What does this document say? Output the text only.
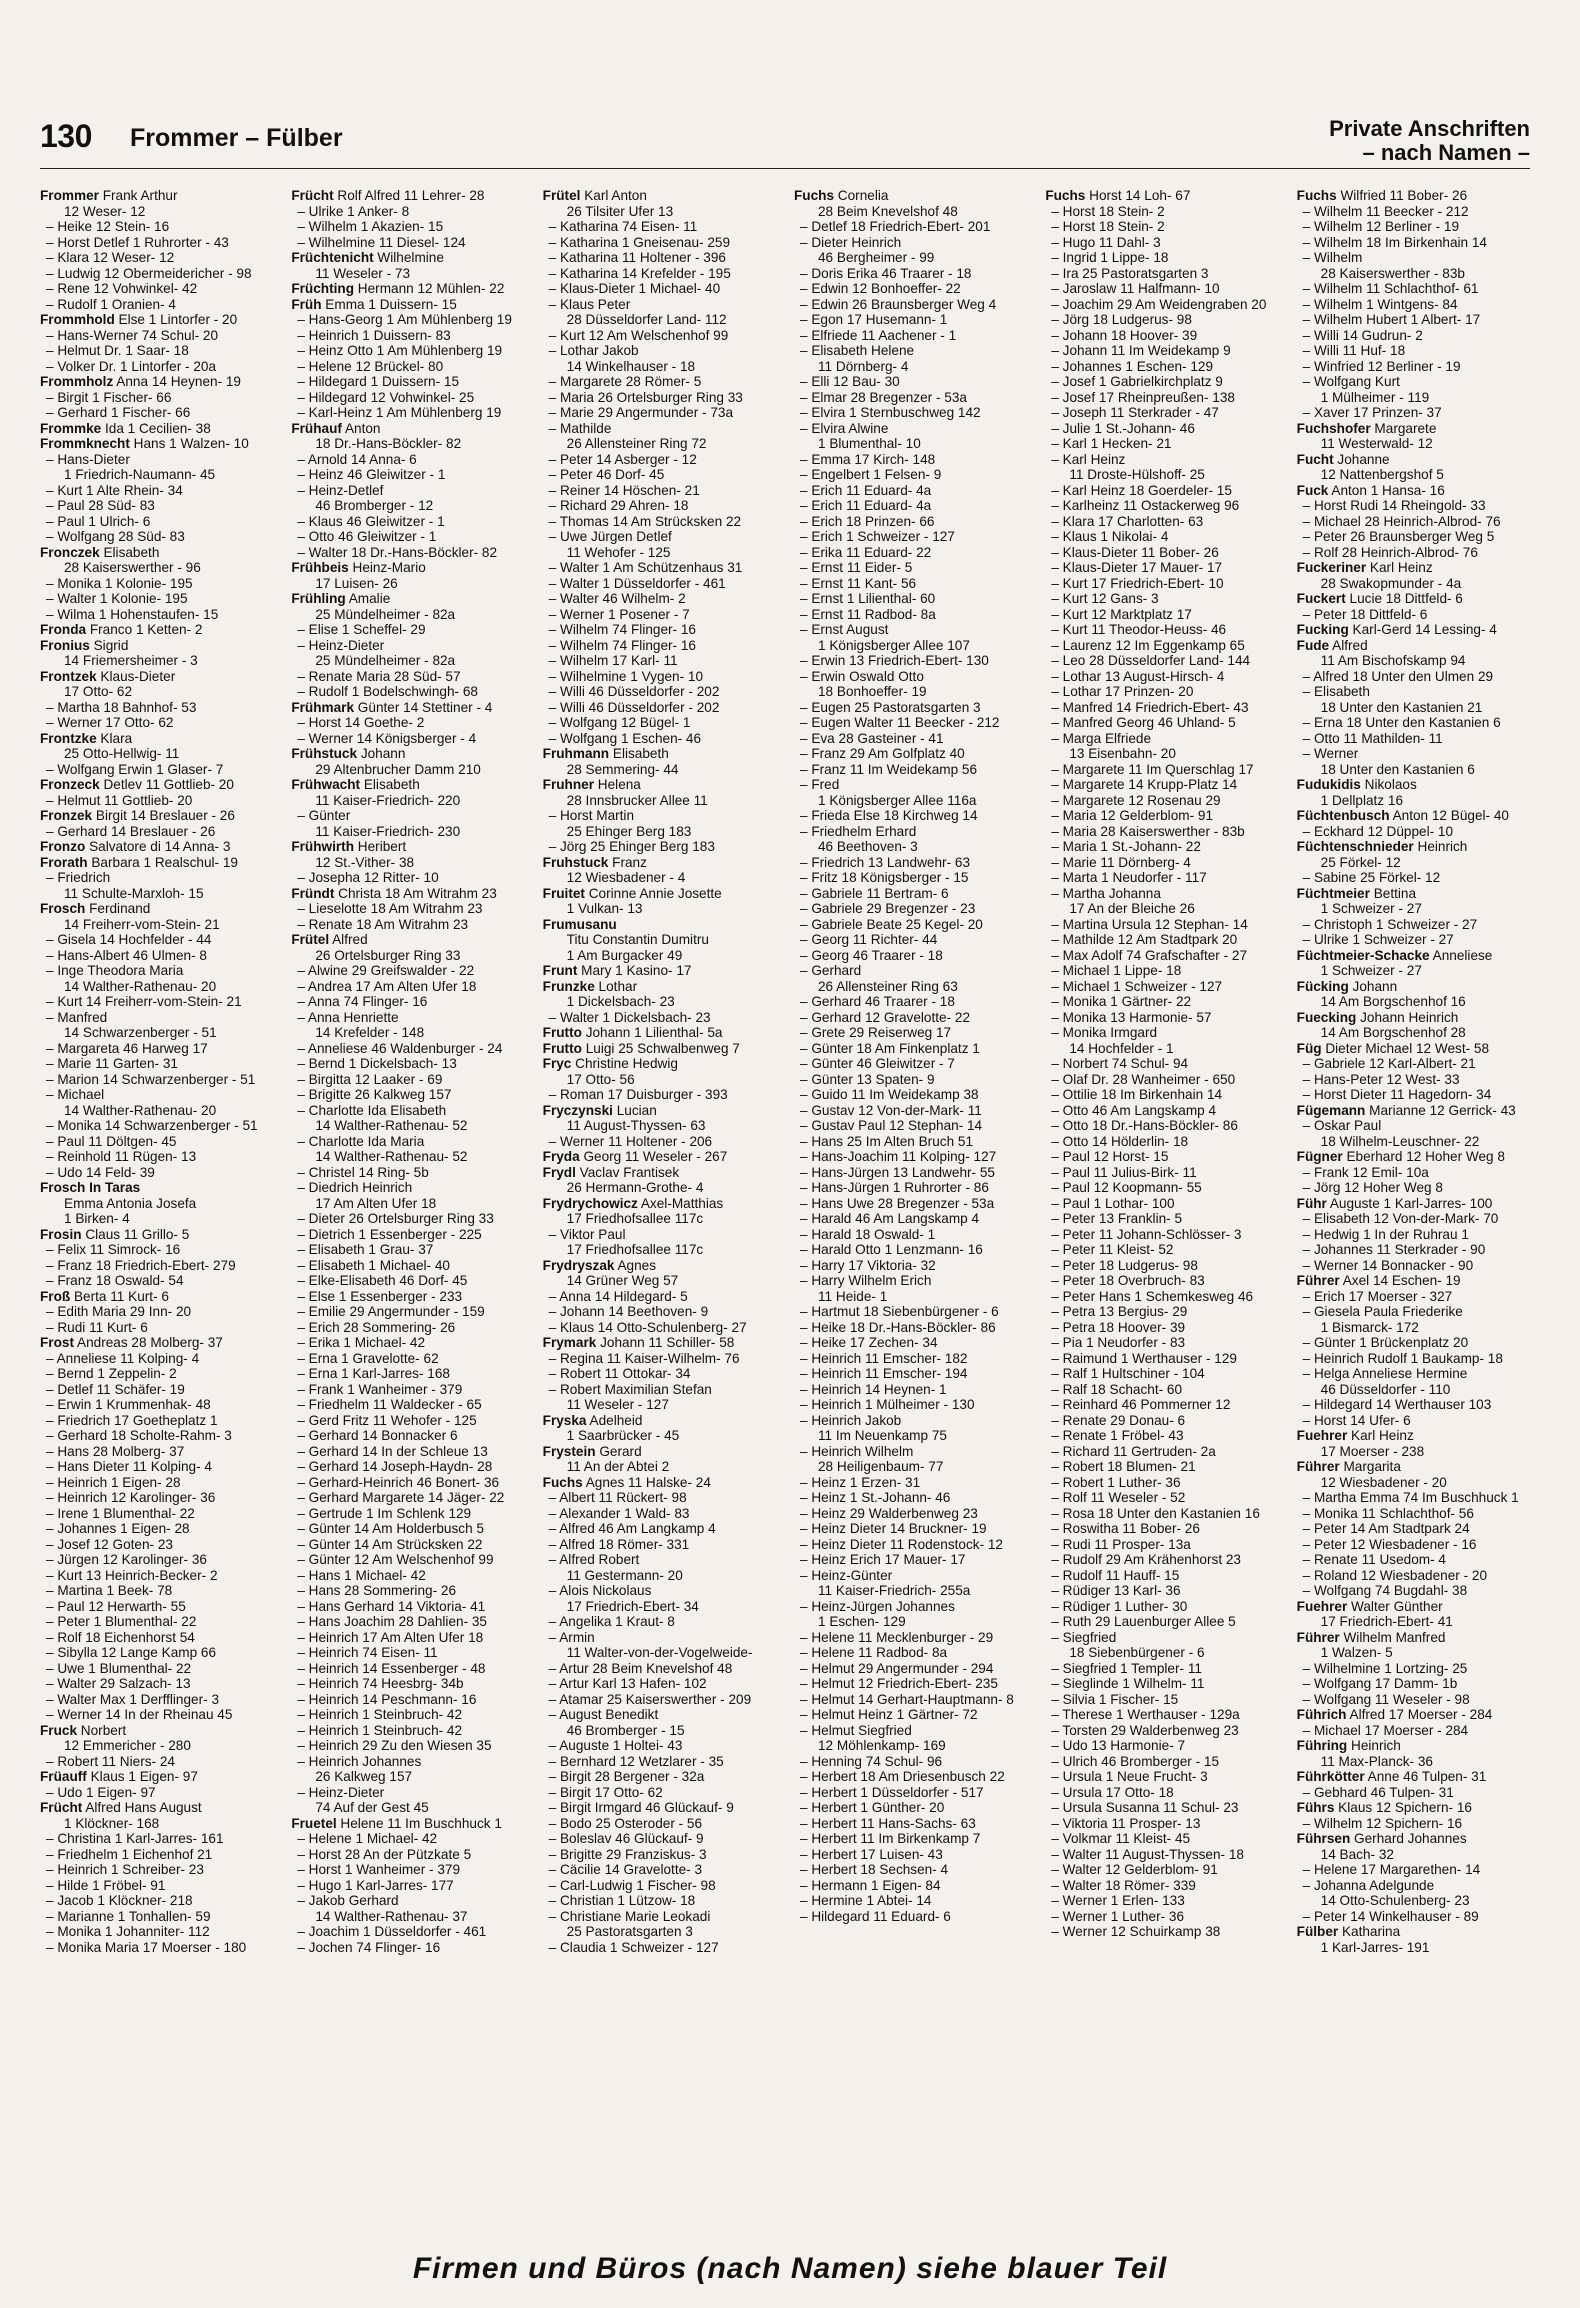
130 Frommer – Fülber	Private Anschriften
– nach Namen –
Frommer Frank Arthur
12 Weser- 12
– Heike 12 Stein- 16
– Horst Detlef 1 Ruhrorter - 43
– Klara 12 Weser- 12
– Ludwig 12 Obermeidericher - 98
– Rene 12 Vohwinkel- 42
– Rudolf 1 Oranien- 4
Frommhold Else 1 Lintorfer - 20
– Hans-Werner 74 Schul- 20
– Helmut Dr. 1 Saar- 18
– Volker Dr. 1 Lintorfer - 20a
Frommholz Anna 14 Heynen- 19
– Birgit 1 Fischer- 66
– Gerhard 1 Fischer- 66
Frommke Ida 1 Cecilien- 38
Frommknecht Hans 1 Walzen- 10
– Hans-Dieter
1 Friedrich-Naumann- 45
– Kurt 1 Alte Rhein- 34
– Paul 28 Süd- 83
– Paul 1 Ulrich- 6
– Wolfgang 28 Süd- 83
Fronczek Elisabeth
28 Kaiserswerther - 96
– Monika 1 Kolonie- 195
– Walter 1 Kolonie- 195
– Wilma 1 Hohenstaufen- 15
Fronda Franco 1 Ketten- 2
Fronius Sigrid
14 Friemersheimer - 3
Frontzek Klaus-Dieter
17 Otto- 62
– Martha 18 Bahnhof- 53
– Werner 17 Otto- 62
Frontzke Klara
25 Otto-Hellwig- 11
– Wolfgang Erwin 1 Glaser- 7
Fronzeck Detlev 11 Gottlieb- 20
– Helmut 11 Gottlieb- 20
Fronzek Birgit 14 Breslauer - 26
– Gerhard 14 Breslauer - 26
Fronzo Salvatore di 14 Anna- 3
Frorath Barbara 1 Realschul- 19
– Friedrich
11 Schulte-Marxloh- 15
Frosch Ferdinand
14 Freiherr-vom-Stein- 21
– Gisela 14 Hochfelder - 44
– Hans-Albert 46 Ulmen- 8
– Inge Theodora Maria
14 Walther-Rathenau- 20
– Kurt 14 Freiherr-vom-Stein- 21
– Manfred
14 Schwarzenberger - 51
– Margareta 46 Harweg 17
– Marie 11 Garten- 31
– Marion 14 Schwarzenberger - 51
– Michael
14 Walther-Rathenau- 20
– Monika 14 Schwarzenberger - 51
– Paul 11 Döltgen- 45
– Reinhold 11 Rügen- 13
– Udo 14 Feld- 39
Frosch In Taras
Emma Antonia Josefa
1 Birken- 4
Frosin Claus 11 Grillo- 5
– Felix 11 Simrock- 16
– Franz 18 Friedrich-Ebert- 279
– Franz 18 Oswald- 54
Froß Berta 11 Kurt- 6
– Edith Maria 29 Inn- 20
– Rudi 11 Kurt- 6
Frost Andreas 28 Molberg- 37
– Anneliese 11 Kolping- 4
– Bernd 1 Zeppelin- 2
– Detlef 11 Schäfer- 19
– Erwin 1 Krummenhak- 48
– Friedrich 17 Goetheplatz 1
– Gerhard 18 Scholte-Rahm- 3
– Hans 28 Molberg- 37
– Hans Dieter 11 Kolping- 4
– Heinrich 1 Eigen- 28
– Heinrich 12 Karolinger- 36
– Irene 1 Blumenthal- 22
– Johannes 1 Eigen- 28
– Josef 12 Goten- 23
– Jürgen 12 Karolinger- 36
– Kurt 13 Heinrich-Becker- 2
– Martina 1 Beek- 78
– Paul 12 Herwarth- 55
– Peter 1 Blumenthal- 22
– Rolf 18 Eichenhorst 54
– Sibylla 12 Lange Kamp 66
– Uwe 1 Blumenthal- 22
– Walter 29 Salzach- 13
– Walter Max 1 Derfflinger- 3
– Werner 14 In der Rheinau 45
Fruck Norbert
12 Emmericher - 280
– Robert 11 Niers- 24
Früauff Klaus 1 Eigen- 97
– Udo 1 Eigen- 97
Frücht Alfred Hans August
1 Klöckner- 168
– Christina 1 Karl-Jarres- 161
– Friedhelm 1 Eichenhof 21
– Heinrich 1 Schreiber- 23
– Hilde 1 Fröbel- 91
– Jacob 1 Klöckner- 218
– Marianne 1 Tonhallen- 59
– Monika 1 Johanniter- 112
– Monika Maria 17 Moerser - 180
Frücht Rolf Alfred 11 Lehrer- 28
– Ulrike 1 Anker- 8
– Wilhelm 1 Akazien- 15
– Wilhelmine 11 Diesel- 124
Früchtenicht Wilhelmine
11 Weseler - 73
Früchting Hermann 12 Mühlen- 22
Früh Emma 1 Duissern- 15
– Hans-Georg 1 Am Mühlenberg 19
– Heinrich 1 Duissern- 83
– Heinz Otto 1 Am Mühlenberg 19
– Helene 12 Brückel- 80
– Hildegard 1 Duissern- 15
– Hildegard 12 Vohwinkel- 25
– Karl-Heinz 1 Am Mühlenberg 19
Frühauf Anton
18 Dr.-Hans-Böckler- 82
– Arnold 14 Anna- 6
– Heinz 46 Gleiwitzer - 1
– Heinz-Detlef
46 Bromberger - 12
– Klaus 46 Gleiwitzer - 1
– Otto 46 Gleiwitzer - 1
– Walter 18 Dr.-Hans-Böckler- 82
Frühbeis Heinz-Mario
17 Luisen- 26
Frühling Amalie
25 Mündelheimer - 82a
– Elise 1 Scheffel- 29
– Heinz-Dieter
25 Mündelheimer - 82a
– Renate Maria 28 Süd- 57
– Rudolf 1 Bodelschwingh- 68
Frühmark Günter 14 Stettiner - 4
– Horst 14 Goethe- 2
– Werner 14 Königsberger - 4
Frühstuck Johann
29 Altenbrucher Damm 210
Frühwacht Elisabeth
11 Kaiser-Friedrich- 220
– Günter
11 Kaiser-Friedrich- 230
Frühwirth Heribert
12 St.-Vither- 38
– Josepha 12 Ritter- 10
Fründt Christa 18 Am Witrahm 23
– Lieselotte 18 Am Witrahm 23
– Renate 18 Am Witrahm 23
Frütel Alfred
26 Ortelsburger Ring 33
– Alwine 29 Greifswalder - 22
– Andrea 17 Am Alten Ufer 18
– Anna 74 Flinger- 16
– Anna Henriette
14 Krefelder - 148
– Anneliese 46 Waldenburger - 24
– Bernd 1 Dickelsbach- 13
– Birgitta 12 Laaker - 69
– Brigitte 26 Kalkweg 157
– Charlotte Ida Elisabeth
14 Walther-Rathenau- 52
– Charlotte Ida Maria
14 Walther-Rathenau- 52
– Christel 14 Ring- 5b
– Diedrich Heinrich
17 Am Alten Ufer 18
– Dieter 26 Ortelsburger Ring 33
– Dietrich 1 Essenberger - 225
– Elisabeth 1 Grau- 37
– Elisabeth 1 Michael- 40
– Elke-Elisabeth 46 Dorf- 45
– Else 1 Essenberger - 233
– Emilie 29 Angermunder - 159
– Erich 28 Sommering- 26
– Erika 1 Michael- 42
– Erna 1 Gravelotte- 62
– Erna 1 Karl-Jarres- 168
– Frank 1 Wanheimer - 379
– Friedhelm 11 Waldecker - 65
– Gerd Fritz 11 Wehofer - 125
– Gerhard 14 Bonnacker 6
– Gerhard 14 In der Schleue 13
– Gerhard 14 Joseph-Haydn- 28
– Gerhard-Heinrich 46 Bonert- 36
– Gerhard Margarete 14 Jäger- 22
– Gertrude 1 Im Schlenk 129
– Günter 14 Am Holderbusch 5
– Günter 14 Am Strücksken 22
– Günter 12 Am Welschenhof 99
– Hans 1 Michael- 42
– Hans 28 Sommering- 26
– Hans Gerhard 14 Viktoria- 41
– Hans Joachim 28 Dahlien- 35
– Heinrich 17 Am Alten Ufer 18
– Heinrich 74 Eisen- 11
– Heinrich 14 Essenberger - 48
– Heinrich 74 Heesbrg- 34b
– Heinrich 14 Peschmann- 16
– Heinrich 1 Steinbruch- 42
– Heinrich 1 Steinbruch- 42
– Heinrich 29 Zu den Wiesen 35
– Heinrich Johannes
26 Kalkweg 157
– Heinz-Dieter
74 Auf der Gest 45
Fruetel Helene 11 Im Buschhuck 1
– Helene 1 Michael- 42
– Horst 28 An der Pützkate 5
– Horst 1 Wanheimer - 379
– Hugo 1 Karl-Jarres- 177
– Jakob Gerhard
14 Walther-Rathenau- 37
– Joachim 1 Düsseldorfer - 461
– Jochen 74 Flinger- 16
Frütel Karl Anton
26 Tilsiter Ufer 13
– Katharina 74 Eisen- 11
– Katharina 1 Gneisenau- 259
– Katharina 11 Holtener - 396
– Katharina 14 Krefelder - 195
– Klaus-Dieter 1 Michael- 40
– Klaus Peter
28 Düsseldorfer Land- 112
– Kurt 12 Am Welschenhof 99
– Lothar Jakob
14 Winkelhauser - 18
– Margarete 28 Römer- 5
– Maria 26 Ortelsburger Ring 33
– Marie 29 Angermunder - 73a
– Mathilde
26 Allensteiner Ring 72
– Peter 14 Asberger - 12
– Peter 46 Dorf- 45
– Reiner 14 Höschen- 21
– Richard 29 Ahren- 18
– Thomas 14 Am Strücksken 22
– Uwe Jürgen Detlef
11 Wehofer - 125
– Walter 1 Am Schützenhaus 31
– Walter 1 Düsseldorfer - 461
– Walter 46 Wilhelm- 2
– Werner 1 Posener - 7
– Wilhelm 74 Flinger- 16
– Wilhelm 74 Flinger- 16
– Wilhelm 17 Karl- 11
– Wilhelmine 1 Vygen- 10
– Willi 46 Düsseldorfer - 202
– Willi 46 Düsseldorfer - 202
– Wolfgang 12 Bügel- 1
– Wolfgang 1 Eschen- 46
Fruhmann Elisabeth
28 Semmering- 44
Fruhner Helena
28 Innsbrucker Allee 11
– Horst Martin
25 Ehinger Berg 183
– Jörg 25 Ehinger Berg 183
Fruhstuck Franz
12 Wiesbadener - 4
Fruitet Corinne Annie Josette
1 Vulkan- 13
Frumusanu
Titu Constantin Dumitru
1 Am Burgacker 49
Frunt Mary 1 Kasino- 17
Frunzke Lothar
1 Dickelsbach- 23
– Walter 1 Dickelsbach- 23
Frutto Johann 1 Lilienthal- 5a
Frutto Luigi 25 Schwalbenweg 7
Fryc Christine Hedwig
17 Otto- 56
– Roman 17 Duisburger - 393
Fryczynski Lucian
11 August-Thyssen- 63
– Werner 11 Holtener - 206
Fryda Georg 11 Weseler - 267
Frydl Vaclav Frantisek
26 Hermann-Grothe- 4
Frydrychowicz Axel-Matthias
17 Friedhofsallee 117c
– Viktor Paul
17 Friedhofsallee 117c
Frydryszak Agnes
14 Grüner Weg 57
– Anna 14 Hildegard- 5
– Johann 14 Beethoven- 9
– Klaus 14 Otto-Schulenberg- 27
Frymark Johann 11 Schiller- 58
– Regina 11 Kaiser-Wilhelm- 76
– Robert 11 Ottokar- 34
– Robert Maximilian Stefan
11 Weseler - 127
Fryska Adelheid
1 Saarbrücker - 45
Frystein Gerard
11 An der Abtei 2
Fuchs Agnes 11 Halske- 24
– Albert 11 Rückert- 98
– Alexander 1 Wald- 83
– Alfred 46 Am Langkamp 4
– Alfred 18 Römer- 331
– Alfred Robert
11 Gestermann- 20
– Alois Nickolaus
17 Friedrich-Ebert- 34
– Angelika 1 Kraut- 8
– Armin
11 Walter-von-der-Vogelweide-
– Artur 28 Beim Knevelshof 48
– Artur Karl 13 Hafen- 102
– Atamar 25 Kaiserswerther - 209
– August Benedikt
46 Bromberger - 15
– Auguste 1 Holtei- 43
– Bernhard 12 Wetzlarer - 35
– Birgit 28 Bergener - 32a
– Birgit 17 Otto- 62
– Birgit Irmgard 46 Glückauf- 9
– Bodo 25 Osteroder - 56
– Boleslav 46 Glückauf- 9
– Brigitte 29 Franziskus- 3
– Cäcilie 14 Gravelotte- 3
– Carl-Ludwig 1 Fischer- 98
– Christian 1 Lützow- 18
– Christiane Marie Leokadi
25 Pastoratsgarten 3
– Claudia 1 Schweizer - 127
Fuchs Cornelia
28 Beim Knevelshof 48
– Detlef 18 Friedrich-Ebert- 201
– Dieter Heinrich
46 Bergheimer - 99
– Doris Erika 46 Traarer - 18
– Edwin 12 Bonhoeffer- 22
– Edwin 26 Braunsberger Weg 4
– Egon 17 Husemann- 1
– Elfriede 11 Aachener - 1
– Elisabeth Helene
11 Dörnberg- 4
– Elli 12 Bau- 30
– Elmar 28 Bregenzer - 53a
– Elvira 1 Sternbuschweg 142
– Elvira Alwine
1 Blumenthal- 10
– Emma 17 Kirch- 148
– Engelbert 1 Felsen- 9
– Erich 11 Eduard- 4a
– Erich 11 Eduard- 4a
– Erich 18 Prinzen- 66
– Erich 1 Schweizer - 127
– Erika 11 Eduard- 22
– Ernst 11 Eider- 5
– Ernst 11 Kant- 56
– Ernst 1 Lilienthal- 60
– Ernst 11 Radbod- 8a
– Ernst August
1 Königsberger Allee 107
– Erwin 13 Friedrich-Ebert- 130
– Erwin Oswald Otto
18 Bonhoeffer- 19
– Eugen 25 Pastoratsgarten 3
– Eugen Walter 11 Beecker - 212
– Eva 28 Gasteiner - 41
– Franz 29 Am Golfplatz 40
– Franz 11 Im Weidekamp 56
– Fred
1 Königsberger Allee 116a
– Frieda Else 18 Kirchweg 14
– Friedhelm Erhard
46 Beethoven- 3
– Friedrich 13 Landwehr- 63
– Fritz 18 Königsberger - 15
– Gabriele 11 Bertram- 6
– Gabriele 29 Bregenzer - 23
– Gabriele Beate 25 Kegel- 20
– Georg 11 Richter- 44
– Georg 46 Traarer - 18
– Gerhard
26 Allensteiner Ring 63
– Gerhard 46 Traarer - 18
– Gerhard 12 Gravelotte- 22
– Grete 29 Reiserweg 17
– Günter 18 Am Finkenplatz 1
– Günter 46 Gleiwitzer - 7
– Günter 13 Spaten- 9
– Guido 11 Im Weidekamp 38
– Gustav 12 Von-der-Mark- 11
– Gustav Paul 12 Stephan- 14
– Hans 25 Im Alten Bruch 51
– Hans-Joachim 11 Kolping- 127
– Hans-Jürgen 13 Landwehr- 55
– Hans-Jürgen 1 Ruhrorter - 86
– Hans Uwe 28 Bregenzer - 53a
– Harald 46 Am Langskamp 4
– Harald 18 Oswald- 1
– Harald Otto 1 Lenzmann- 16
– Harry 17 Viktoria- 32
– Harry Wilhelm Erich
11 Heide- 1
– Hartmut 18 Siebenbürgener - 6
– Heike 18 Dr.-Hans-Böckler- 86
– Heike 17 Zechen- 34
– Heinrich 11 Emscher- 182
– Heinrich 11 Emscher- 194
– Heinrich 14 Heynen- 1
– Heinrich 1 Mülheimer - 130
– Heinrich Jakob
11 Im Neuenkamp 75
– Heinrich Wilhelm
28 Heiligenbaum- 77
– Heinz 1 Erzen- 31
– Heinz 1 St.-Johann- 46
– Heinz 29 Walderbenweg 23
– Heinz Dieter 14 Bruckner- 19
– Heinz Dieter 11 Rodenstock- 12
– Heinz Erich 17 Mauer- 17
– Heinz-Günter
11 Kaiser-Friedrich- 255a
– Heinz-Jürgen Johannes
1 Eschen- 129
– Helene 11 Mecklenburger - 29
– Helene 11 Radbod- 8a
– Helmut 29 Angermunder - 294
– Helmut 12 Friedrich-Ebert- 235
– Helmut 14 Gerhart-Hauptmann- 8
– Helmut Heinz 1 Gärtner- 72
– Helmut Siegfried
12 Möhlenkamp- 169
– Henning 74 Schul- 96
– Herbert 18 Am Driesenbusch 22
– Herbert 1 Düsseldorfer - 517
– Herbert 1 Günther- 20
– Herbert 11 Hans-Sachs- 63
– Herbert 11 Im Birkenkamp 7
– Herbert 17 Luisen- 43
– Herbert 18 Sechsen- 4
– Hermann 1 Eigen- 84
– Hermine 1 Abtei- 14
– Hildegard 11 Eduard- 6
Fuchs Horst 14 Loh- 67
– Horst 18 Stein- 2
– Horst 18 Stein- 2
– Hugo 11 Dahl- 3
– Ingrid 1 Lippe- 18
– Ira 25 Pastoratsgarten 3
– Jaroslaw 11 Halfmann- 10
– Joachim 29 Am Weidengraben 20
– Jörg 18 Ludgerus- 98
– Johann 18 Hoover- 39
– Johann 11 Im Weidekamp 9
– Johannes 1 Eschen- 129
– Josef 1 Gabrielkirchplatz 9
– Josef 17 Rheinpreußen- 138
– Joseph 11 Sterkrader - 47
– Julie 1 St.-Johann- 46
– Karl 1 Hecken- 21
– Karl Heinz
11 Droste-Hülshoff- 25
– Karl Heinz 18 Goerdeler- 15
– Karlheinz 11 Ostackerweg 96
– Klara 17 Charlotten- 63
– Klaus 1 Nikolai- 4
– Klaus-Dieter 11 Bober- 26
– Klaus-Dieter 17 Mauer- 17
– Kurt 17 Friedrich-Ebert- 10
– Kurt 12 Gans- 3
– Kurt 12 Marktplatz 17
– Kurt 11 Theodor-Heuss- 46
– Laurenz 12 Im Eggenkamp 65
– Leo 28 Düsseldorfer Land- 144
– Lothar 13 August-Hirsch- 4
– Lothar 17 Prinzen- 20
– Manfred 14 Friedrich-Ebert- 43
– Manfred Georg 46 Uhland- 5
– Marga Elfriede
13 Eisenbahn- 20
– Margarete 11 Im Querschlag 17
– Margarete 14 Krupp-Platz 14
– Margarete 12 Rosenau 29
– Maria 12 Gelderblom- 91
– Maria 28 Kaiserswerther - 83b
– Maria 1 St.-Johann- 22
– Marie 11 Dörnberg- 4
– Marta 1 Neudorfer - 117
– Martha Johanna
17 An der Bleiche 26
– Martina Ursula 12 Stephan- 14
– Mathilde 12 Am Stadtpark 20
– Max Adolf 74 Grafschafter - 27
– Michael 1 Lippe- 18
– Michael 1 Schweizer - 127
– Monika 1 Gärtner- 22
– Monika 13 Harmonie- 57
– Monika Irmgard
14 Hochfelder - 1
– Norbert 74 Schul- 94
– Olaf Dr. 28 Wanheimer - 650
– Ottilie 18 Im Birkenhain 14
– Otto 46 Am Langskamp 4
– Otto 18 Dr.-Hans-Böckler- 86
– Otto 14 Hölderlin- 18
– Paul 12 Horst- 15
– Paul 11 Julius-Birk- 11
– Paul 12 Koopmann- 55
– Paul 1 Lothar- 100
– Peter 13 Franklin- 5
– Peter 11 Johann-Schlösser- 3
– Peter 11 Kleist- 52
– Peter 18 Ludgerus- 98
– Peter 18 Overbruch- 83
– Peter Hans 1 Schemkesweg 46
– Petra 13 Bergius- 29
– Petra 18 Hoover- 39
– Pia 1 Neudorfer - 83
– Raimund 1 Werthauser - 129
– Ralf 1 Hultschiner - 104
– Ralf 18 Schacht- 60
– Reinhard 46 Pommerner 12
– Renate 29 Donau- 6
– Renate 1 Fröbel- 43
– Richard 11 Gertruden- 2a
– Robert 18 Blumen- 21
– Robert 1 Luther- 36
– Rolf 11 Weseler - 52
– Rosa 18 Unter den Kastanien 16
– Roswitha 11 Bober- 26
– Rudi 11 Prosper- 13a
– Rudolf 29 Am Krähenhorst 23
– Rudolf 11 Hauff- 15
– Rüdiger 13 Karl- 36
– Rüdiger 1 Luther- 30
– Ruth 29 Lauenburger Allee 5
– Siegfried
18 Siebenbürgener - 6
– Siegfried 1 Templer- 11
– Sieglinde 1 Wilhelm- 11
– Silvia 1 Fischer- 15
– Therese 1 Werthauser - 129a
– Torsten 29 Walderbenweg 23
– Udo 13 Harmonie- 7
– Ulrich 46 Bromberger - 15
– Ursula 1 Neue Frucht- 3
– Ursula 17 Otto- 18
– Ursula Susanna 11 Schul- 23
– Viktoria 11 Prosper- 13
– Volkmar 11 Kleist- 45
– Walter 11 August-Thyssen- 18
– Walter 12 Gelderblom- 91
– Walter 18 Römer- 339
– Werner 1 Erlen- 133
– Werner 1 Luther- 36
– Werner 12 Schuirkamp 38
Fuchs Wilfried 11 Bober- 26
– Wilhelm 11 Beecker - 212
– Wilhelm 12 Berliner - 19
– Wilhelm 18 Im Birkenhain 14
– Wilhelm
28 Kaiserswerther - 83b
– Wilhelm 11 Schlachthof- 61
– Wilhelm 1 Wintgens- 84
– Wilhelm Hubert 1 Albert- 17
– Willi 14 Gudrun- 2
– Willi 11 Huf- 18
– Winfried 12 Berliner - 19
– Wolfgang Kurt
1 Mülheimer - 119
– Xaver 17 Prinzen- 37
Fuchshofer Margarete
11 Westerwald- 12
Fucht Johanne
12 Nattenbergshof 5
Fuck Anton 1 Hansa- 16
– Horst Rudi 14 Rheingold- 33
– Michael 28 Heinrich-Albrod- 76
– Peter 26 Braunsberger Weg 5
– Rolf 28 Heinrich-Albrod- 76
Fuckeriner Karl Heinz
28 Swakopmunder - 4a
Fuckert Lucie 18 Dittfeld- 6
– Peter 18 Dittfeld- 6
Fucking Karl-Gerd 14 Lessing- 4
Fude Alfred
11 Am Bischofskamp 94
– Alfred 18 Unter den Ulmen 29
– Elisabeth
18 Unter den Kastanien 21
– Erna 18 Unter den Kastanien 6
– Otto 11 Mathilden- 11
– Werner
18 Unter den Kastanien 6
Fudukidis Nikolaos
1 Dellplatz 16
Füchtenbusch Anton 12 Bügel- 40
– Eckhard 12 Düppel- 10
Füchtenschnieder Heinrich
25 Förkel- 12
– Sabine 25 Förkel- 12
Füchtmeier Bettina
1 Schweizer - 27
– Christoph 1 Schweizer - 27
– Ulrike 1 Schweizer - 27
Füchtmeier-Schacke Anneliese
1 Schweizer - 27
Fücking Johann
14 Am Borgschenhof 16
Fuecking Johann Heinrich
14 Am Borgschenhof 28
Füg Dieter Michael 12 West- 58
– Gabriele 12 Karl-Albert- 21
– Hans-Peter 12 West- 33
– Horst Dieter 11 Hagedorn- 34
Fügemann Marianne 12 Gerrick- 43
– Oskar Paul
18 Wilhelm-Leuschner- 22
Fügner Eberhard 12 Hoher Weg 8
– Frank 12 Emil- 10a
– Jörg 12 Hoher Weg 8
Führ Auguste 1 Karl-Jarres- 100
– Elisabeth 12 Von-der-Mark- 70
– Hedwig 1 In der Ruhrau 1
– Johannes 11 Sterkrader - 90
– Werner 14 Bonnacker - 90
Führer Axel 14 Eschen- 19
– Erich 17 Moerser - 327
– Giesela Paula Friederike
1 Bismarck- 172
– Günter 1 Brückenplatz 20
– Heinrich Rudolf 1 Baukamp- 18
– Helga Anneliese Hermine
46 Düsseldorfer - 110
– Hildegard 14 Werthauser 103
– Horst 14 Ufer- 6
Fuehrer Karl Heinz
17 Moerser - 238
Führer Margarita
12 Wiesbadener - 20
– Martha Emma 74 Im Buschhuck 1
– Monika 11 Schlachthof- 56
– Peter 14 Am Stadtpark 24
– Peter 12 Wiesbadener - 16
– Renate 11 Usedom- 4
– Roland 12 Wiesbadener - 20
– Wolfgang 74 Bugdahl- 38
Fuehrer Walter Günther
17 Friedrich-Ebert- 41
Führer Wilhelm Manfred
1 Walzen- 5
– Wilhelmine 1 Lortzing- 25
– Wolfgang 17 Damm- 1b
– Wolfgang 11 Weseler - 98
Führich Alfred 17 Moerser - 284
– Michael 17 Moerser - 284
Führing Heinrich
11 Max-Planck- 36
Führkötter Anne 46 Tulpen- 31
– Gebhard 46 Tulpen- 31
Führs Klaus 12 Spichern- 16
– Wilhelm 12 Spichern- 16
Führsen Gerhard Johannes
14 Bach- 32
– Helene 17 Margarethen- 14
– Johanna Adelgunde
14 Otto-Schulenberg- 23
– Peter 14 Winkelhauser - 89
Fülber Katharina
1 Karl-Jarres- 191
Firmen und Büros (nach Namen) siehe blauer Teil
